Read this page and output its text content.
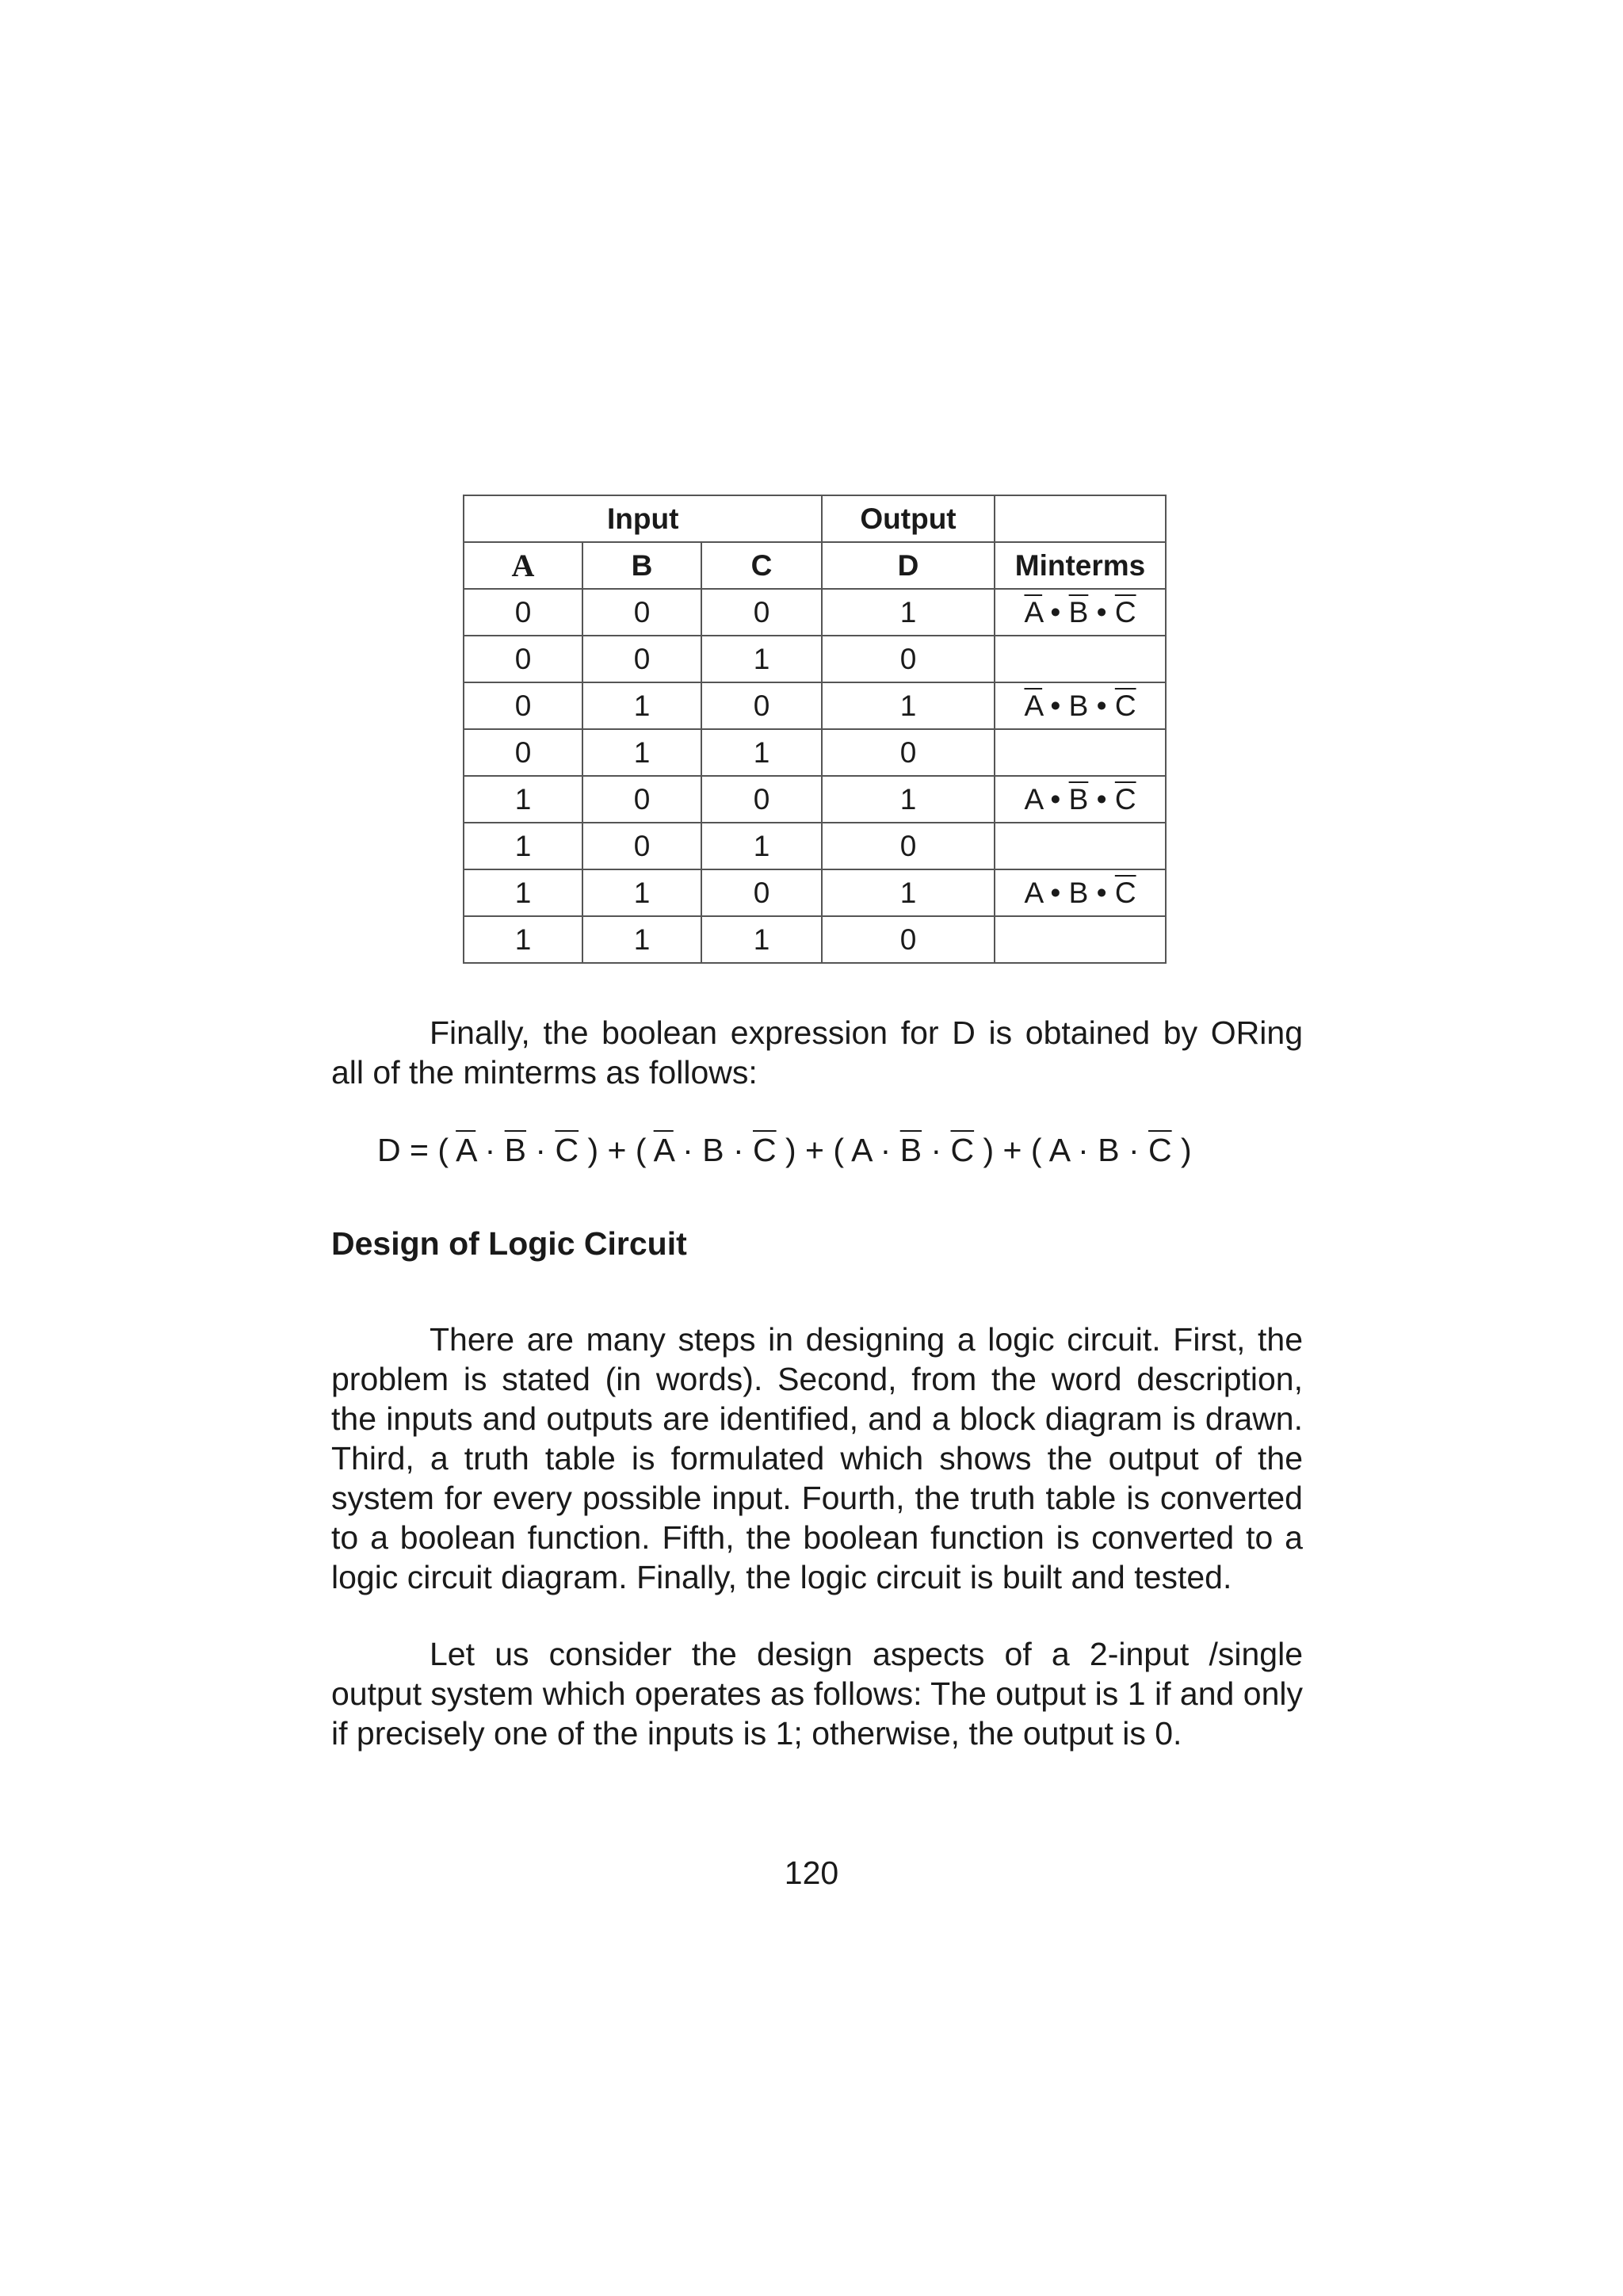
Input			Output	
A	B	C	D	Minterms
0	0	0	1	$\overline{A}$ • $\overline{B}$ • $\overline{C}$
0	0	1	0	
0	1	0	1	$\overline{A}$ • B • $\overline{C}$
0	1	1	0	
1	0	0	1	A • $\overline{B}$ • $\overline{C}$
1	0	1	0	
1	1	0	1	A • B • $\overline{C}$
1	1	1	0	

Finally, the boolean expression for D is obtained by ORing all of the minterms as follows:

D = ( $\overline{A} \cdot \overline{B} \cdot \overline{C}$ ) + ( $\overline{A} \cdot B \cdot \overline{C}$ ) + ( $A \cdot \overline{B} \cdot \overline{C}$ ) + ( $A \cdot B \cdot \overline{C}$ )

Design of Logic Circuit

There are many steps in designing a logic circuit. First, the problem is stated (in words). Second, from the word description, the inputs and outputs are identified, and a block diagram is drawn. Third, a truth table is formulated which shows the output of the system for every possible input. Fourth, the truth table is converted to a boolean function. Fifth, the boolean function is converted to a logic circuit diagram. Finally, the logic circuit is built and tested.

Let us consider the design aspects of a 2-input /single output system which operates as follows: The output is 1 if and only if precisely one of the inputs is 1; otherwise, the output is 0.

120
